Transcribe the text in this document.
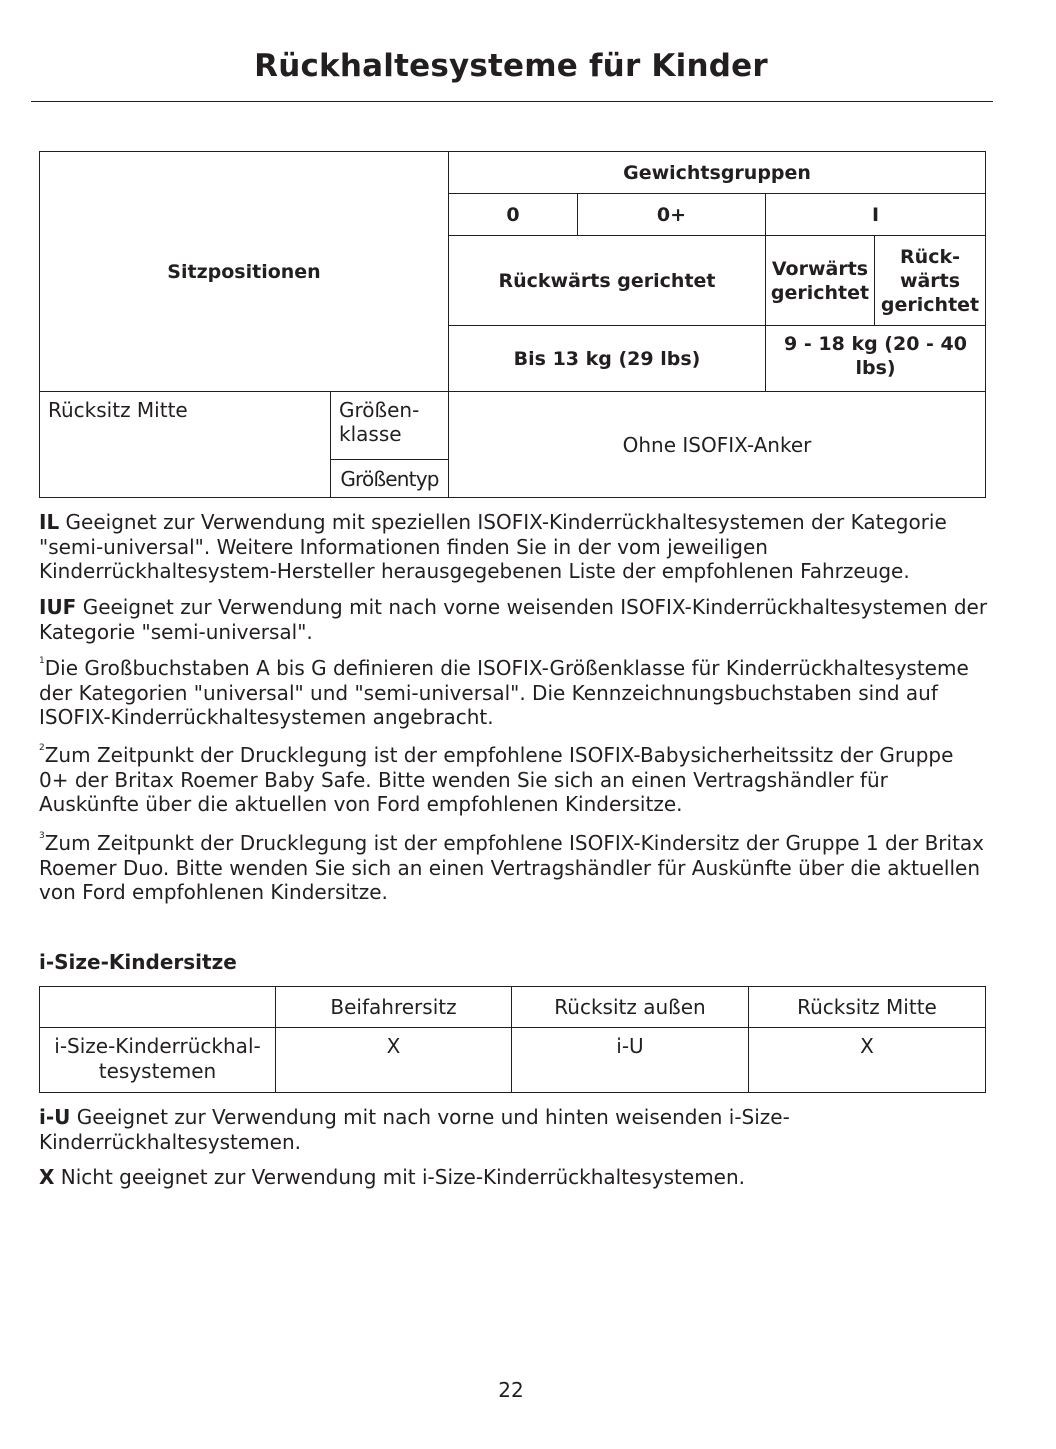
Rückhaltesysteme für Kinder
Sitzpositionen		Gewichtsgruppen			
		0	0+	I	
		Rückwärts gerichtet		Vorwärts gerichtet	Rück-wärts gerichtet
		Bis 13 kg (29 lbs)		9 - 18 kg (20 - 40 lbs)	
Rücksitz Mitte	Größen-klasse	Ohne ISOFIX-Anker			
	Größentyp				
IL Geeignet zur Verwendung mit speziellen ISOFIX-Kinderrückhaltesystemen der Kategorie "semi-universal". Weitere Informationen finden Sie in der vom jeweiligen Kinderrückhaltesystem-Hersteller herausgegebenen Liste der empfohlenen Fahrzeuge.
IUF Geeignet zur Verwendung mit nach vorne weisenden ISOFIX-Kinderrückhaltesystemen der Kategorie "semi-universal".
$^1$Die Großbuchstaben A bis G definieren die ISOFIX-Größenklasse für Kinderrückhaltesysteme der Kategorien "universal" und "semi-universal". Die Kennzeichnungsbuchstaben sind auf ISOFIX-Kinderrückhaltesystemen angebracht.
$^2$Zum Zeitpunkt der Drucklegung ist der empfohlene ISOFIX-Babysicherheitssitz der Gruppe 0+ der Britax Roemer Baby Safe. Bitte wenden Sie sich an einen Vertragshändler für Auskünfte über die aktuellen von Ford empfohlenen Kindersitze.
$^3$Zum Zeitpunkt der Drucklegung ist der empfohlene ISOFIX-Kindersitz der Gruppe 1 der Britax Roemer Duo. Bitte wenden Sie sich an einen Vertragshändler für Auskünfte über die aktuellen von Ford empfohlenen Kindersitze.
i-Size-Kindersitze
	Beifahrersitz	Rücksitz außen	Rücksitz Mitte
i-Size-Kinderrückhal-tesystemen	X	i-U	X
i-U Geeignet zur Verwendung mit nach vorne und hinten weisenden i-Size-Kinderrückhaltesystemen.
X Nicht geeignet zur Verwendung mit i-Size-Kinderrückhaltesystemen.
22
